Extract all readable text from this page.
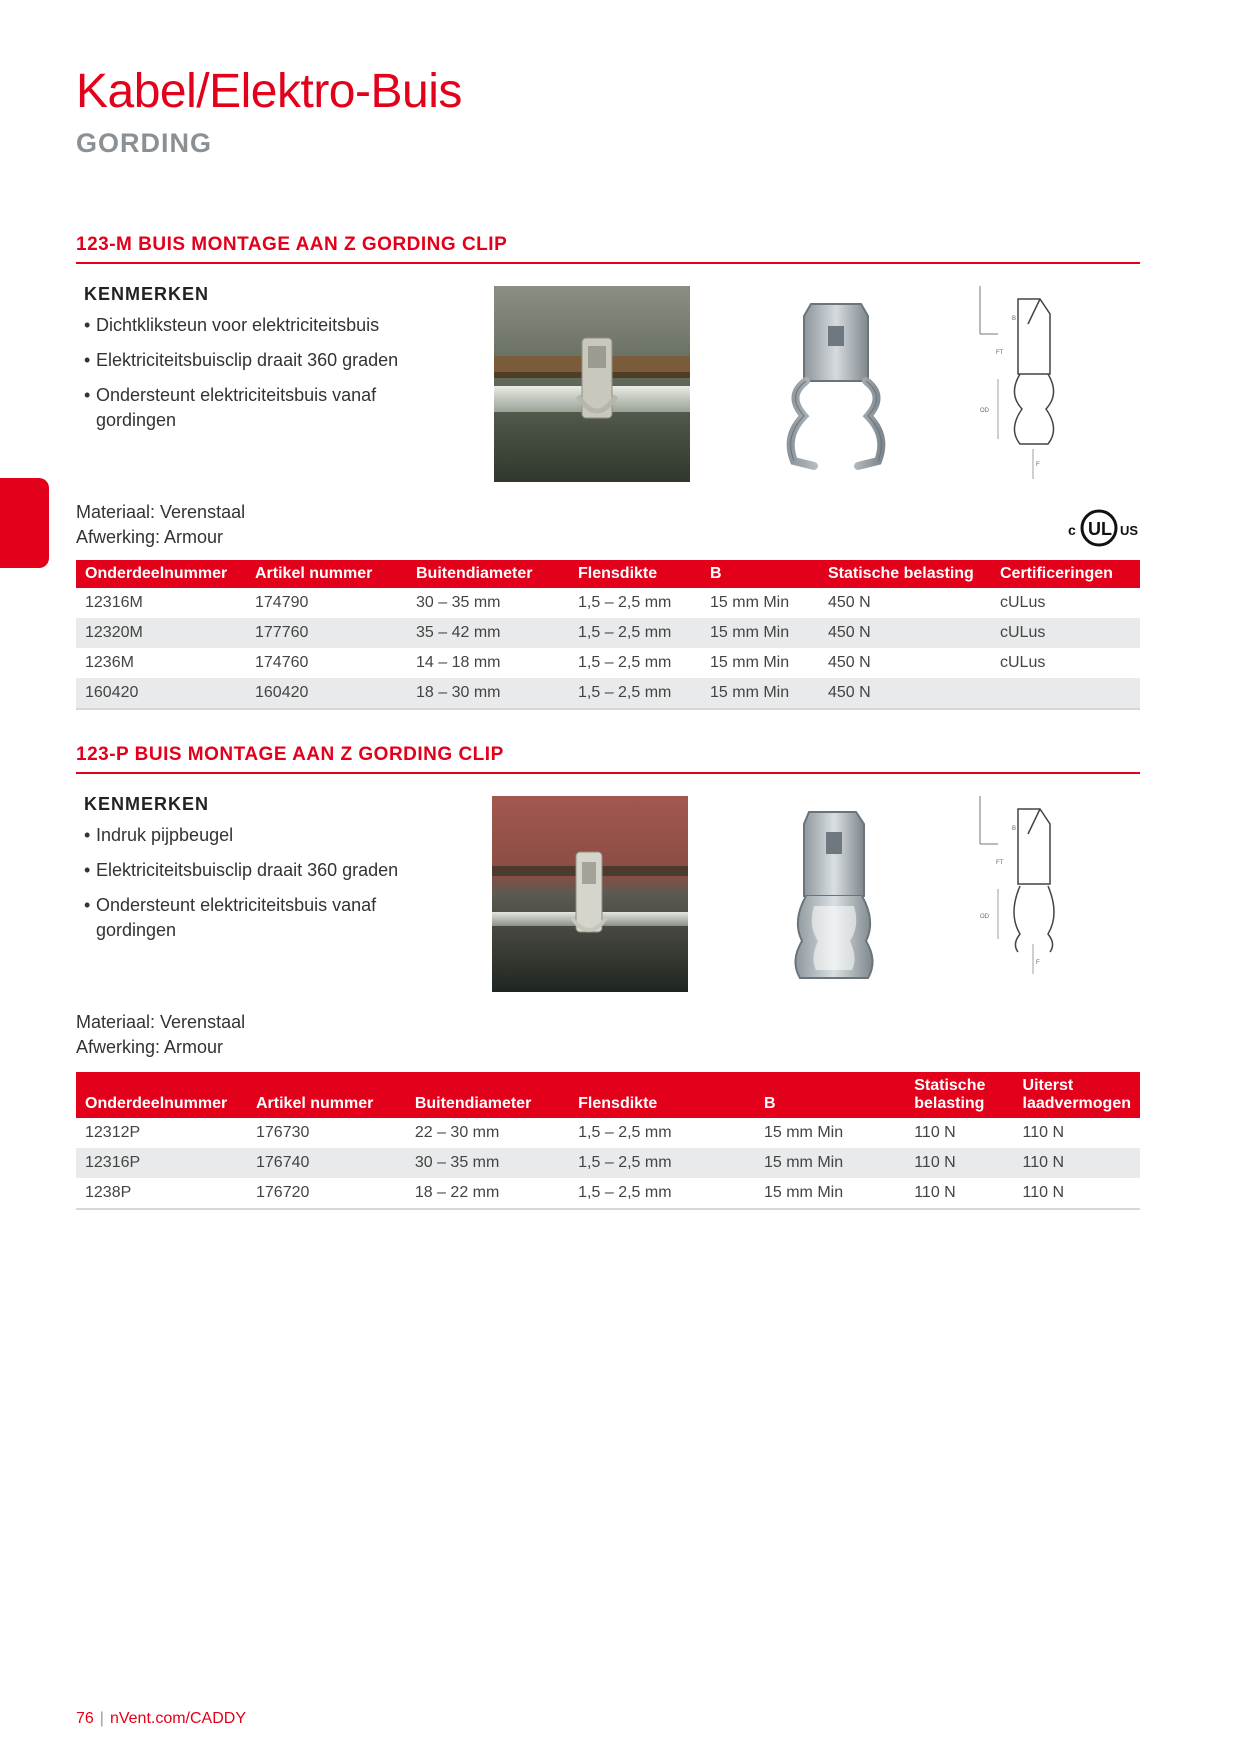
Kabel/Elektro-Buis
GORDING
123-M BUIS MONTAGE AAN Z GORDING CLIP
KENMERKEN
• Dichtkliksteun voor elektriciteitsbuis
• Elektriciteitsbuisclip draait 360 graden
• Ondersteunt elektriciteitsbuis vanaf gordingen
B
FT
OD
F
Materiaal: Verenstaal
Afwerking: Armour	c UL US
Onderdeelnummer	Artikel nummer	Buitendiameter	Flensdikte	B	Statische belasting	Certificeringen
12316M	174790	30 – 35 mm	1,5 – 2,5 mm	15 mm Min	450 N	cULus
12320M	177760	35 – 42 mm	1,5 – 2,5 mm	15 mm Min	450 N	cULus
1236M	174760	14 – 18 mm	1,5 – 2,5 mm	15 mm Min	450 N	cULus
160420	160420	18 – 30 mm	1,5 – 2,5 mm	15 mm Min	450 N	
123-P BUIS MONTAGE AAN Z GORDING CLIP
KENMERKEN
• Indruk pijpbeugel
• Elektriciteitsbuisclip draait 360 graden
• Ondersteunt elektriciteitsbuis vanaf gordingen
B
FT
OD
F
Materiaal: Verenstaal
Afwerking: Armour
Onderdeelnummer	Artikel nummer	Buitendiameter	Flensdikte	B	Statische belasting	Uiterst laadvermogen
12312P	176730	22 – 30 mm	1,5 – 2,5 mm	15 mm Min	110 N	110 N
12316P	176740	30 – 35 mm	1,5 – 2,5 mm	15 mm Min	110 N	110 N
1238P	176720	18 – 22 mm	1,5 – 2,5 mm	15 mm Min	110 N	110 N
76 | nVent.com/CADDY
